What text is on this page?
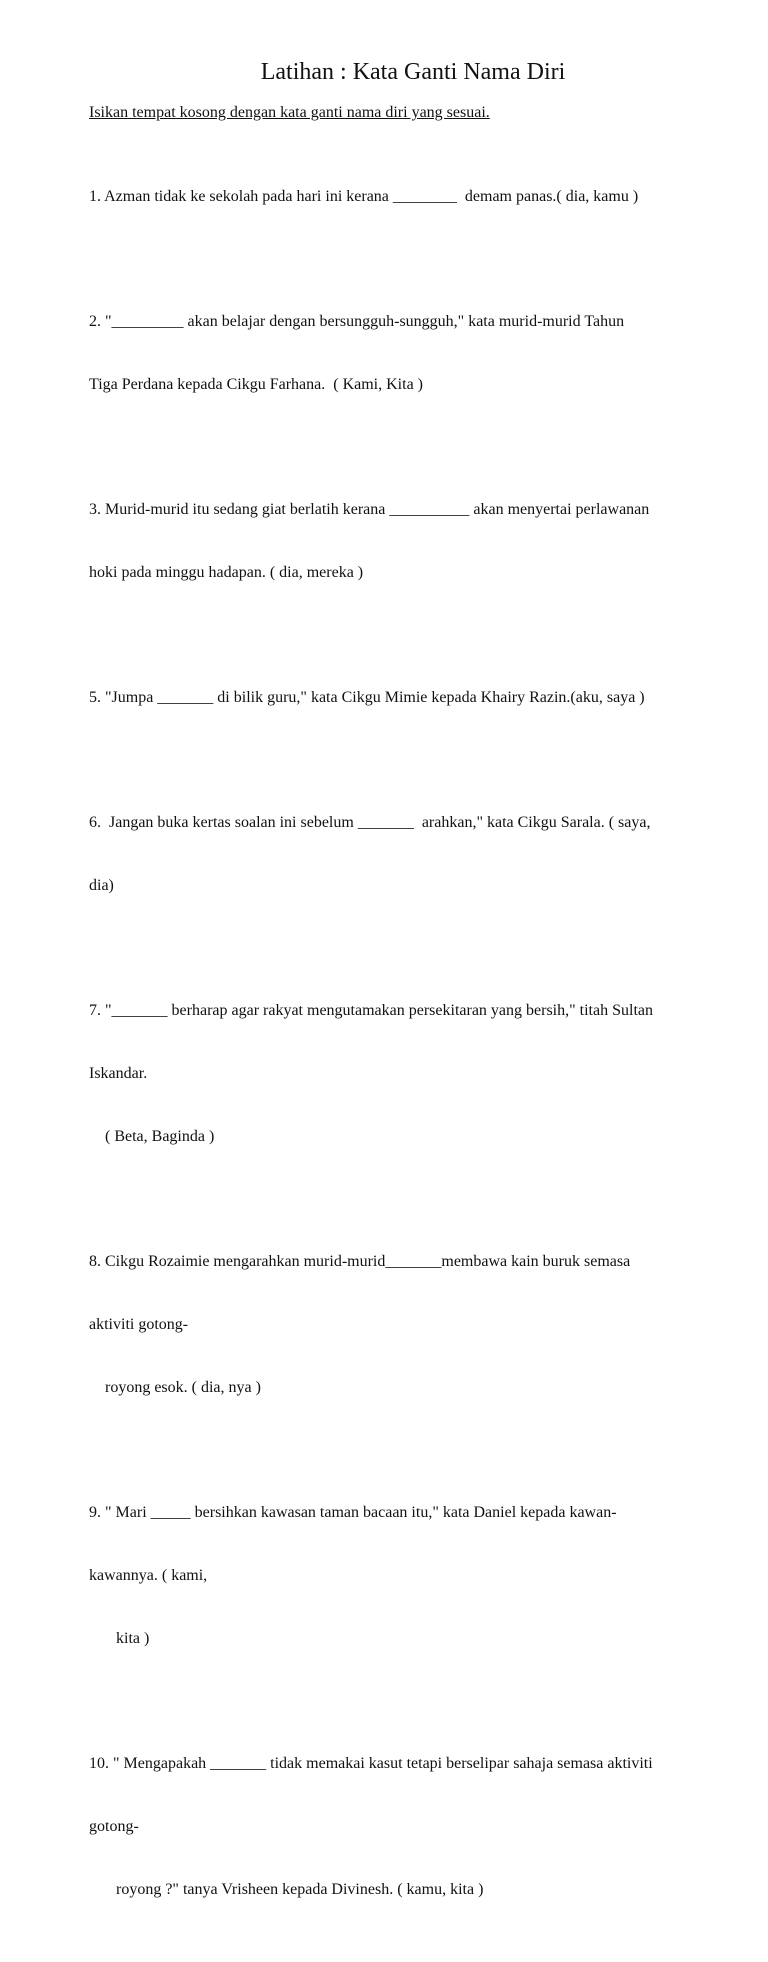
Latihan : Kata Ganti Nama Diri

Isikan tempat kosong dengan kata ganti nama diri yang sesuai.

1. Azman tidak ke sekolah pada hari ini kerana ________  demam panas.( dia, kamu )

2. "_________ akan belajar dengan bersungguh-sungguh," kata murid-murid Tahun

Tiga Perdana kepada Cikgu Farhana.  ( Kami, Kita )

3. Murid-murid itu sedang giat berlatih kerana __________ akan menyertai perlawanan

hoki pada minggu hadapan. ( dia, mereka )

5. "Jumpa _______ di bilik guru," kata Cikgu Mimie kepada Khairy Razin.(aku, saya )

6.  Jangan buka kertas soalan ini sebelum _______  arahkan," kata Cikgu Sarala. ( saya,

dia)

7. "_______ berharap agar rakyat mengutamakan persekitaran yang bersih," titah Sultan

Iskandar.

( Beta, Baginda )

8. Cikgu Rozaimie mengarahkan murid-murid_______membawa kain buruk semasa

aktiviti gotong-

royong esok. ( dia, nya )

9. " Mari _____ bersihkan kawasan taman bacaan itu," kata Daniel kepada kawan-

kawannya. ( kami,

kita )

10. " Mengapakah _______ tidak memakai kasut tetapi berselipar sahaja semasa aktiviti

gotong-

royong ?" tanya Vrisheen kepada Divinesh. ( kamu, kita )
